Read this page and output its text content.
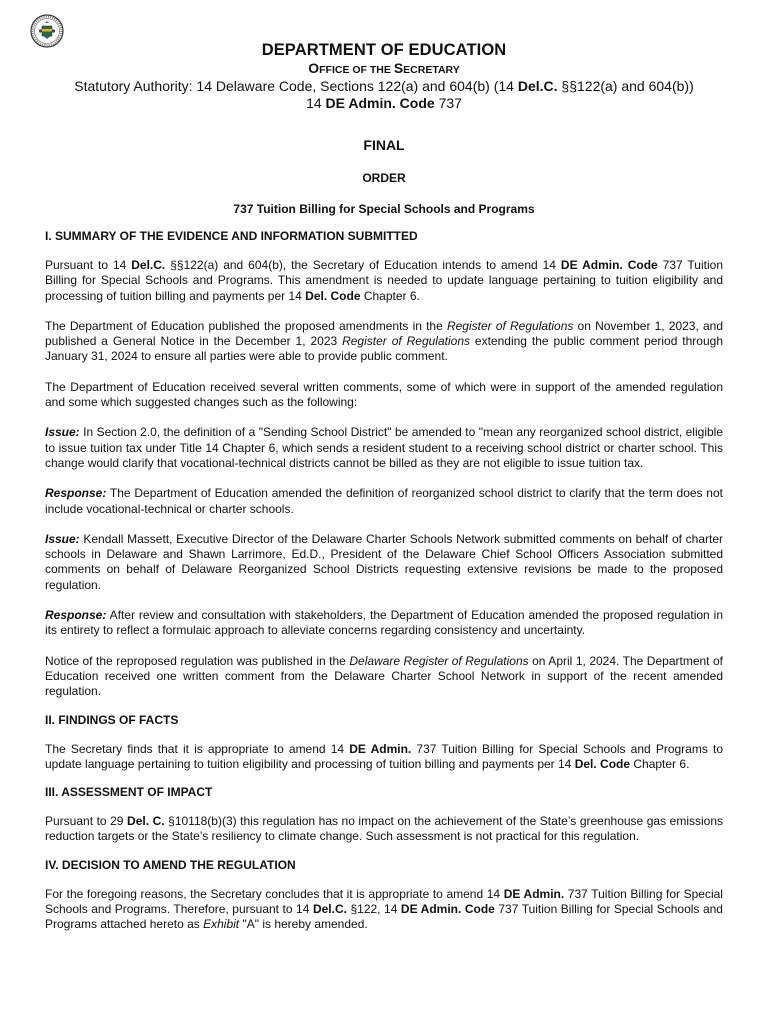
DEPARTMENT OF EDUCATION
OFFICE OF THE SECRETARY
Statutory Authority: 14 Delaware Code, Sections 122(a) and 604(b) (14 Del.C. §§122(a) and 604(b))
14 DE Admin. Code 737
FINAL
ORDER
737 Tuition Billing for Special Schools and Programs
I. SUMMARY OF THE EVIDENCE AND INFORMATION SUBMITTED

Pursuant to 14 Del.C. §§122(a) and 604(b), the Secretary of Education intends to amend 14 DE Admin. Code 737 Tuition Billing for Special Schools and Programs. This amendment is needed to update language pertaining to tuition eligibility and processing of tuition billing and payments per 14 Del. Code Chapter 6.

The Department of Education published the proposed amendments in the Register of Regulations on November 1, 2023, and published a General Notice in the December 1, 2023 Register of Regulations extending the public comment period through January 31, 2024 to ensure all parties were able to provide public comment.

The Department of Education received several written comments, some of which were in support of the amended regulation and some which suggested changes such as the following:

Issue: In Section 2.0, the definition of a "Sending School District" be amended to "mean any reorganized school district, eligible to issue tuition tax under Title 14 Chapter 6, which sends a resident student to a receiving school district or charter school. This change would clarify that vocational-technical districts cannot be billed as they are not eligible to issue tuition tax.

Response: The Department of Education amended the definition of reorganized school district to clarify that the term does not include vocational-technical or charter schools.

Issue: Kendall Massett, Executive Director of the Delaware Charter Schools Network submitted comments on behalf of charter schools in Delaware and Shawn Larrimore, Ed.D., President of the Delaware Chief School Officers Association submitted comments on behalf of Delaware Reorganized School Districts requesting extensive revisions be made to the proposed regulation.

Response: After review and consultation with stakeholders, the Department of Education amended the proposed regulation in its entirety to reflect a formulaic approach to alleviate concerns regarding consistency and uncertainty.

Notice of the reproposed regulation was published in the Delaware Register of Regulations on April 1, 2024. The Department of Education received one written comment from the Delaware Charter School Network in support of the recent amended regulation.

II. FINDINGS OF FACTS

The Secretary finds that it is appropriate to amend 14 DE Admin. 737 Tuition Billing for Special Schools and Programs to update language pertaining to tuition eligibility and processing of tuition billing and payments per 14 Del. Code Chapter 6.

III. ASSESSMENT OF IMPACT

Pursuant to 29 Del. C. §10118(b)(3) this regulation has no impact on the achievement of the State’s greenhouse gas emissions reduction targets or the State’s resiliency to climate change. Such assessment is not practical for this regulation.

IV. DECISION TO AMEND THE REGULATION

For the foregoing reasons, the Secretary concludes that it is appropriate to amend 14 DE Admin. 737 Tuition Billing for Special Schools and Programs. Therefore, pursuant to 14 Del.C. §122, 14 DE Admin. Code 737 Tuition Billing for Special Schools and Programs attached hereto as Exhibit "A" is hereby amended.
